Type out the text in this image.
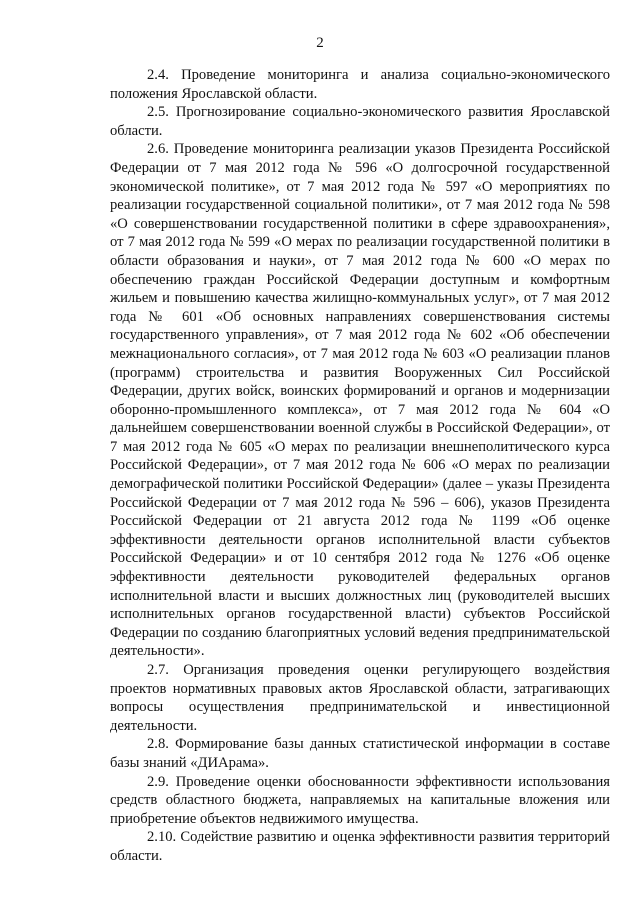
2

2.4. Проведение мониторинга и анализа социально-экономического положения Ярославской области.

2.5. Прогнозирование социально-экономического развития Ярославской области.

2.6. Проведение мониторинга реализации указов Президента Российской Федерации от 7 мая 2012 года № 596 «О долгосрочной государственной экономической политике», от 7 мая 2012 года № 597 «О мероприятиях по реализации государственной социальной политики», от 7 мая 2012 года № 598 «О совершенствовании государственной политики в сфере здравоохранения», от 7 мая 2012 года № 599 «О мерах по реализации государственной политики в области образования и науки», от 7 мая 2012 года № 600 «О мерах по обеспечению граждан Российской Федерации доступным и комфортным жильем и повышению качества жилищно-коммунальных услуг», от 7 мая 2012 года № 601 «Об основных направлениях совершенствования системы государственного управления», от 7 мая 2012 года № 602 «Об обеспечении межнационального согласия», от 7 мая 2012 года № 603 «О реализации планов (программ) строительства и развития Вооруженных Сил Российской Федерации, других войск, воинских формирований и органов и модернизации оборонно-промышленного комплекса», от 7 мая 2012 года № 604 «О дальнейшем совершенствовании военной службы в Российской Федерации», от 7 мая 2012 года № 605 «О мерах по реализации внешнеполитического курса Российской Федерации», от 7 мая 2012 года № 606 «О мерах по реализации демографической политики Российской Федерации» (далее – указы Президента Российской Федерации от 7 мая 2012 года № 596 – 606), указов Президента Российской Федерации от 21 августа 2012 года № 1199 «Об оценке эффективности деятельности органов исполнительной власти субъектов Российской Федерации» и от 10 сентября 2012 года № 1276 «Об оценке эффективности деятельности руководителей федеральных органов исполнительной власти и высших должностных лиц (руководителей высших исполнительных органов государственной власти) субъектов Российской Федерации по созданию благоприятных условий ведения предпринимательской деятельности».

2.7. Организация проведения оценки регулирующего воздействия проектов нормативных правовых актов Ярославской области, затрагивающих вопросы осуществления предпринимательской и инвестиционной деятельности.

2.8. Формирование базы данных статистической информации в составе базы знаний «ДИАрама».

2.9. Проведение оценки обоснованности эффективности использования средств областного бюджета, направляемых на капитальные вложения или приобретение объектов недвижимого имущества.

2.10. Содействие развитию и оценка эффективности развития территорий области.
